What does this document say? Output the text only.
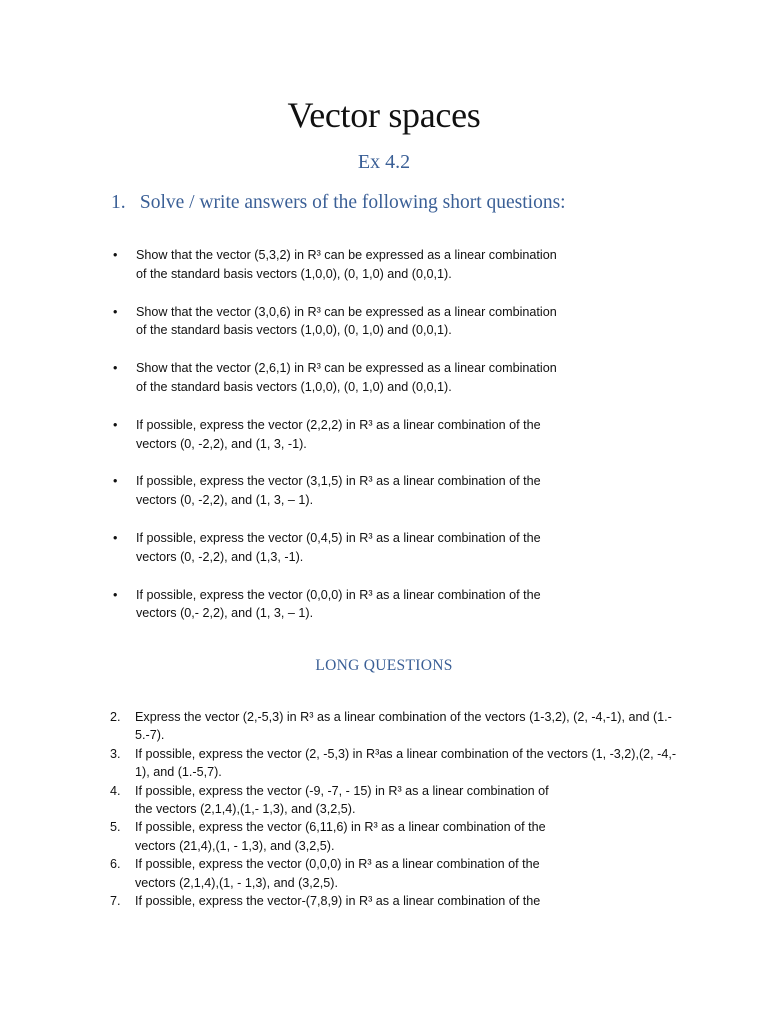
Vector spaces
Ex 4.2
1. Solve / write answers of the following short questions:
• Show that the vector (5,3,2) in R³ can be expressed as a linear combination
of the standard basis vectors (1,0,0), (0, 1,0) and (0,0,1).
• Show that the vector (3,0,6) in R³ can be expressed as a linear combination
of the standard basis vectors (1,0,0), (0, 1,0) and (0,0,1).
• Show that the vector (2,6,1) in R³ can be expressed as a linear combination
of the standard basis vectors (1,0,0), (0, 1,0) and (0,0,1).
• If possible, express the vector (2,2,2) in R³ as a linear combination of the
vectors (0, -2,2), and (1, 3, -1).
• If possible, express the vector (3,1,5) in R³ as a linear combination of the
vectors (0, -2,2), and (1, 3, – 1).
• If possible, express the vector (0,4,5) in R³ as a linear combination of the
vectors (0, -2,2), and (1,3, -1).
• If possible, express the vector (0,0,0) in R³ as a linear combination of the
vectors (0,- 2,2), and (1, 3, – 1).
LONG QUESTIONS
2. Express the vector (2,-5,3) in R³ as a linear combination of the vectors (1-3,2), (2, -4,-1), and (1.-
5.-7).
3. If possible, express the vector (2, -5,3) in R³as a linear combination of the vectors (1, -3,2),(2, -4,-
1), and (1.-5,7).
4. If possible, express the vector (-9, -7, - 15) in R³ as a linear combination of
the vectors (2,1,4),(1,- 1,3), and (3,2,5).
5. If possible, express the vector (6,11,6) in R³ as a linear combination of the
vectors (21,4),(1, - 1,3), and (3,2,5).
6. If possible, express the vector (0,0,0) in R³ as a linear combination of the
vectors (2,1,4),(1, - 1,3), and (3,2,5).
7. If possible, express the vector-(7,8,9) in R³ as a linear combination of the
